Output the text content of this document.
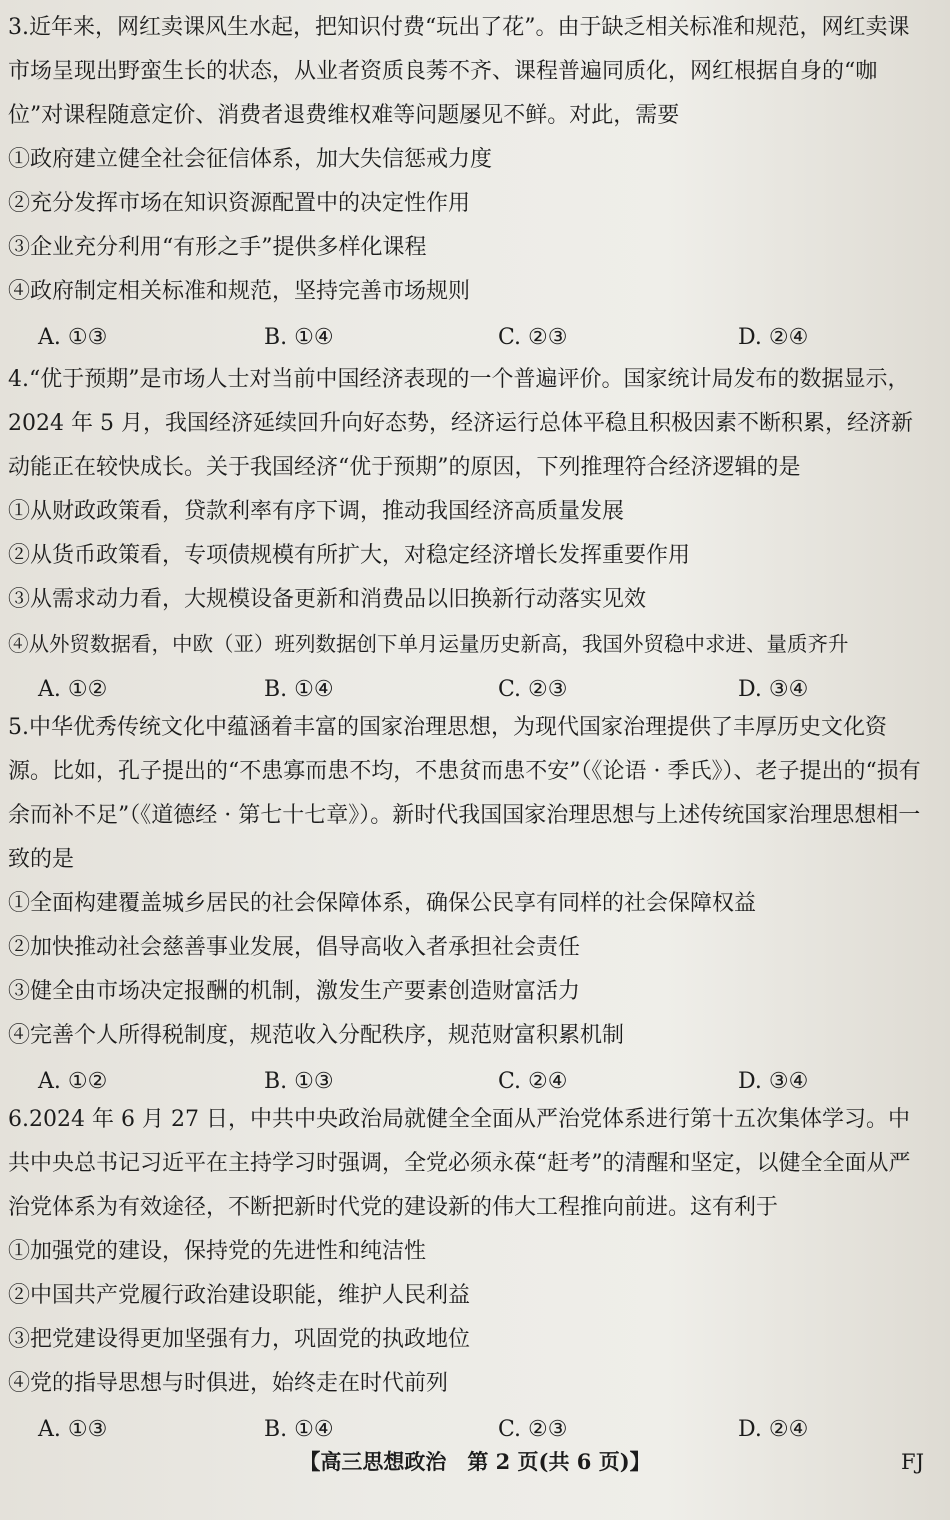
3.近年来，网红卖课风生水起，把知识付费“玩出了花”。由于缺乏相关标准和规范，网红卖课市场呈现出野蛮生长的状态，从业者资质良莠不齐、课程普遍同质化，网红根据自身的“咖位”对课程随意定价、消费者退费维权难等问题屡见不鲜。对此，需要

①政府建立健全社会征信体系，加大失信惩戒力度

②充分发挥市场在知识资源配置中的决定性作用

③企业充分利用“有形之手”提供多样化课程

④政府制定相关标准和规范，坚持完善市场规则

A. ①③	B. ①④	C. ②③	D. ②④

4.“优于预期”是市场人士对当前中国经济表现的一个普遍评价。国家统计局发布的数据显示，2024 年 5 月，我国经济延续回升向好态势，经济运行总体平稳且积极因素不断积累，经济新动能正在较快成长。关于我国经济“优于预期”的原因，下列推理符合经济逻辑的是

①从财政政策看，贷款利率有序下调，推动我国经济高质量发展

②从货币政策看，专项债规模有所扩大，对稳定经济增长发挥重要作用

③从需求动力看，大规模设备更新和消费品以旧换新行动落实见效

④从外贸数据看，中欧（亚）班列数据创下单月运量历史新高，我国外贸稳中求进、量质齐升

A. ①②	B. ①④	C. ②③	D. ③④

5.中华优秀传统文化中蕴涵着丰富的国家治理思想，为现代国家治理提供了丰厚历史文化资源。比如，孔子提出的“不患寡而患不均，不患贫而患不安”（《论语 · 季氏》）、老子提出的“损有余而补不足”（《道德经 · 第七十七章》）。新时代我国国家治理思想与上述传统国家治理思想相一致的是

①全面构建覆盖城乡居民的社会保障体系，确保公民享有同样的社会保障权益

②加快推动社会慈善事业发展，倡导高收入者承担社会责任

③健全由市场决定报酬的机制，激发生产要素创造财富活力

④完善个人所得税制度，规范收入分配秩序，规范财富积累机制

A. ①②	B. ①③	C. ②④	D. ③④

6.2024 年 6 月 27 日，中共中央政治局就健全全面从严治党体系进行第十五次集体学习。中共中央总书记习近平在主持学习时强调，全党必须永葆“赶考”的清醒和坚定，以健全全面从严治党体系为有效途径，不断把新时代党的建设新的伟大工程推向前进。这有利于

①加强党的建设，保持党的先进性和纯洁性

②中国共产党履行政治建设职能，维护人民利益

③把党建设得更加坚强有力，巩固党的执政地位

④党的指导思想与时俱进，始终走在时代前列

A. ①③	B. ①④	C. ②③	D. ②④
【高三思想政治　第 2 页(共 6 页)】	FJ
